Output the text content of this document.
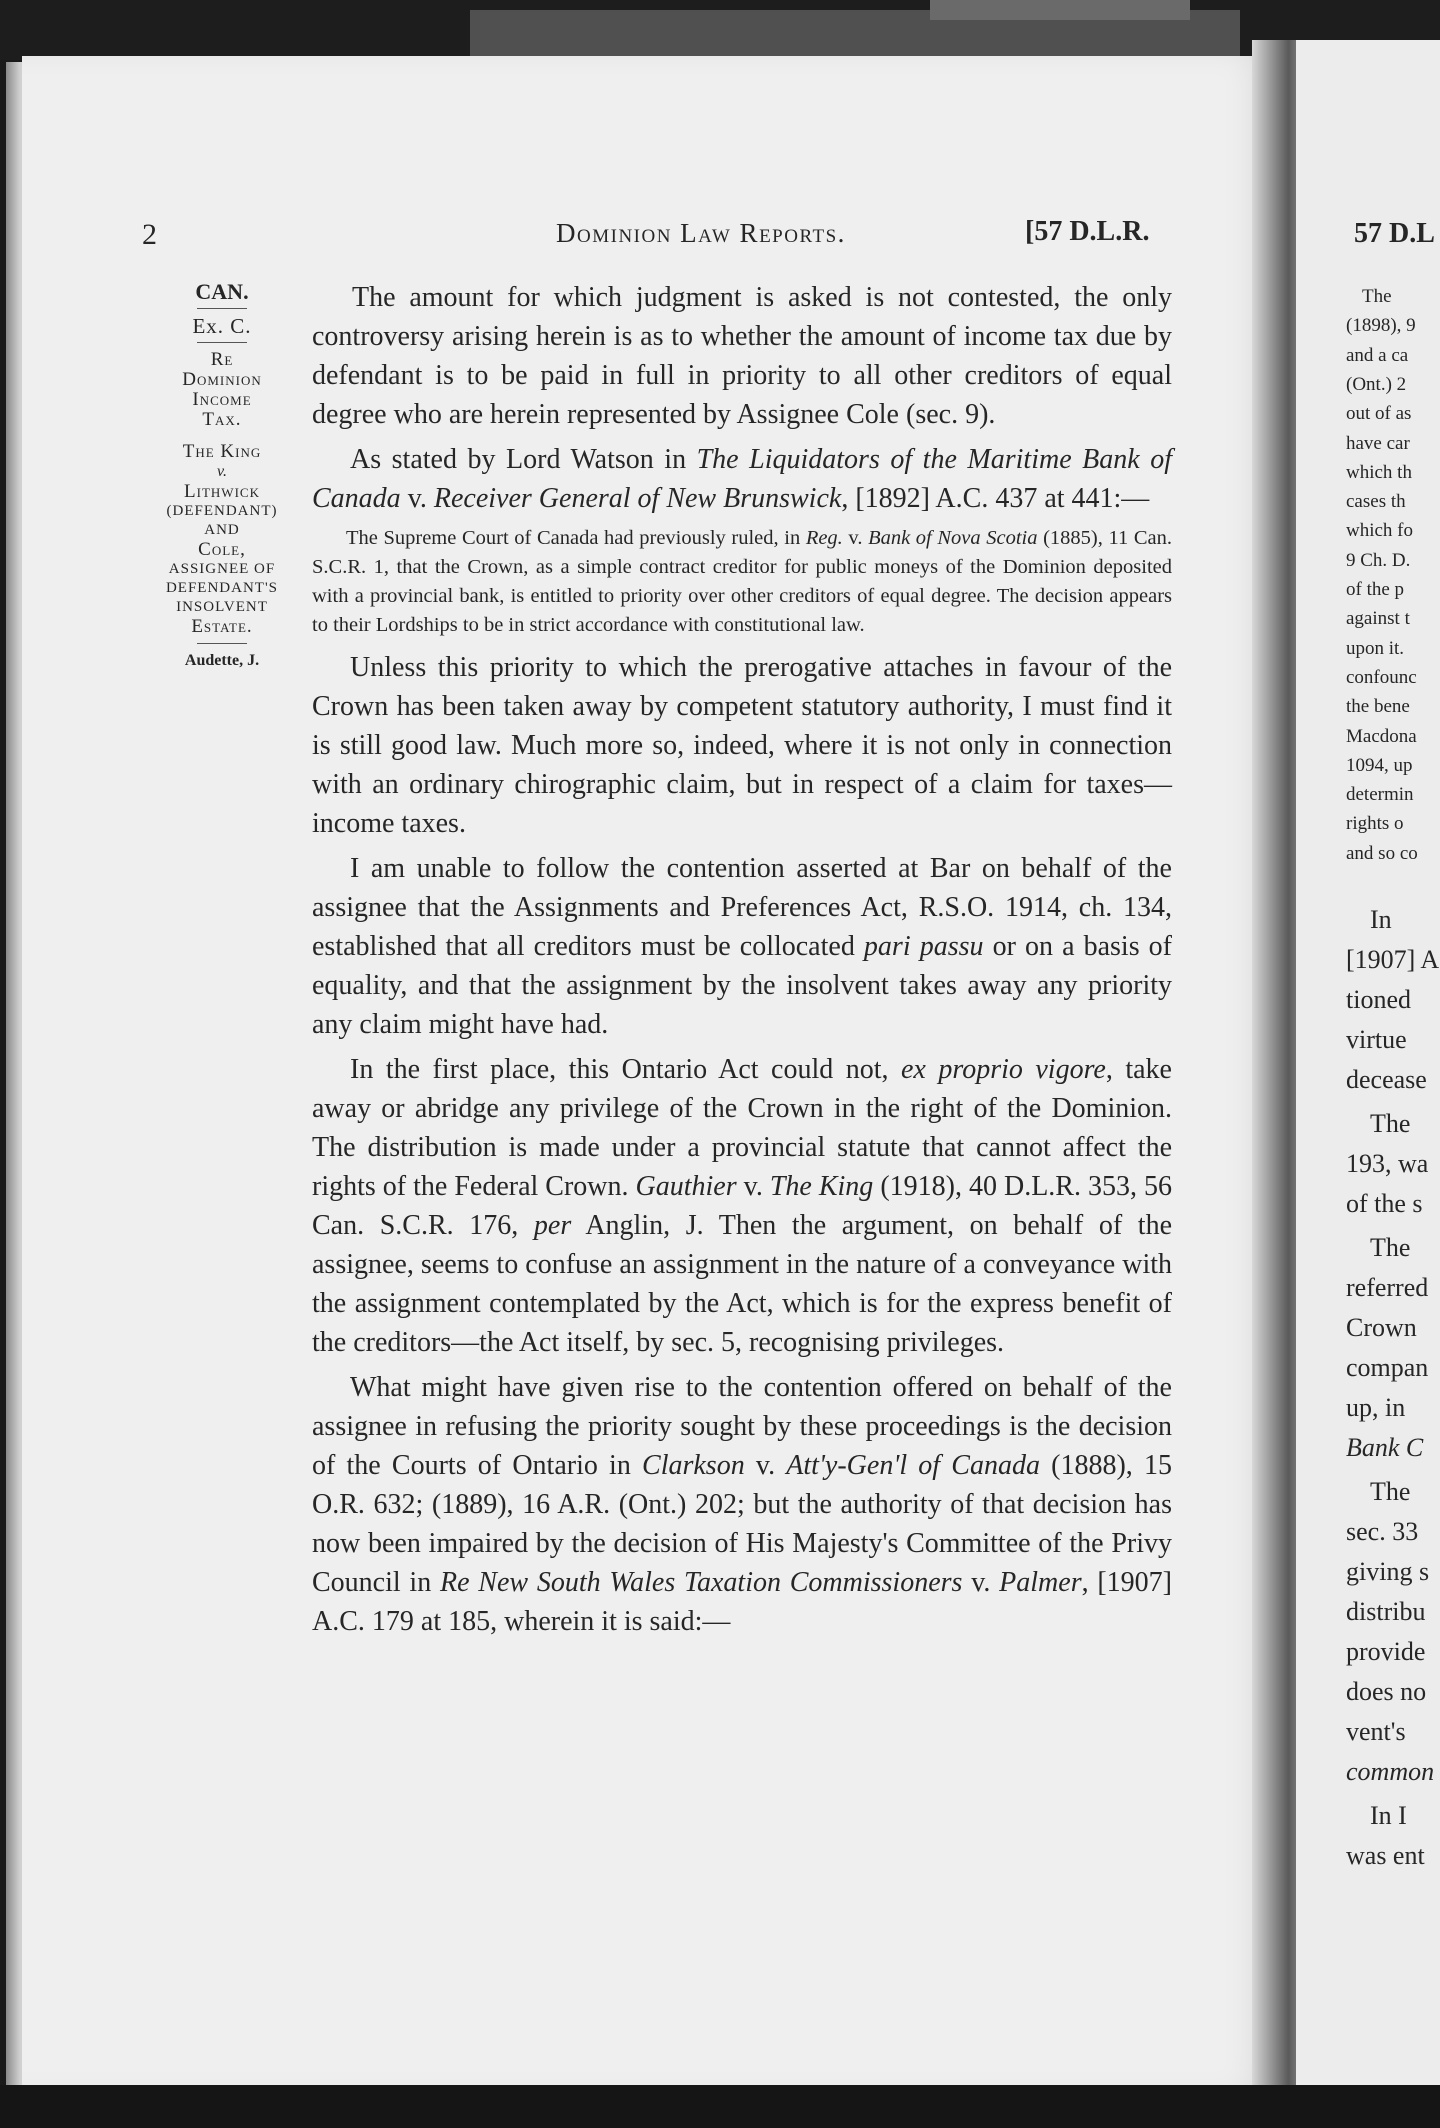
2	Dominion Law Reports.	[57 D.L.R.
CAN.
Ex. C.
Re
Dominion
Income
Tax.
The King
v.
Lithwick
(DEFENDANT)
AND
Cole,
ASSIGNEE OF
DEFENDANT'S
INSOLVENT
Estate.
Audette, J.

The amount for which judgment is asked is not contested, the only controversy arising herein is as to whether the amount of income tax due by defendant is to be paid in full in priority to all other creditors of equal degree who are herein represented by Assignee Cole (sec. 9).

As stated by Lord Watson in The Liquidators of the Maritime Bank of Canada v. Receiver General of New Brunswick, [1892] A.C. 437 at 441:—

The Supreme Court of Canada had previously ruled, in Reg. v. Bank of Nova Scotia (1885), 11 Can. S.C.R. 1, that the Crown, as a simple contract creditor for public moneys of the Dominion deposited with a provincial bank, is entitled to priority over other creditors of equal degree. The decision appears to their Lordships to be in strict accordance with constitutional law.

Unless this priority to which the prerogative attaches in favour of the Crown has been taken away by competent statutory authority, I must find it is still good law. Much more so, indeed, where it is not only in connection with an ordinary chirographic claim, but in respect of a claim for taxes—income taxes.

I am unable to follow the contention asserted at Bar on behalf of the assignee that the Assignments and Preferences Act, R.S.O. 1914, ch. 134, established that all creditors must be collocated pari passu or on a basis of equality, and that the assignment by the insolvent takes away any priority any claim might have had.

In the first place, this Ontario Act could not, ex proprio vigore, take away or abridge any privilege of the Crown in the right of the Dominion. The distribution is made under a provincial statute that cannot affect the rights of the Federal Crown. Gauthier v. The King (1918), 40 D.L.R. 353, 56 Can. S.C.R. 176, per Anglin, J. Then the argument, on behalf of the assignee, seems to confuse an assignment in the nature of a conveyance with the assignment contemplated by the Act, which is for the express benefit of the creditors—the Act itself, by sec. 5, recognising privileges.

What might have given rise to the contention offered on behalf of the assignee in refusing the priority sought by these proceedings is the decision of the Courts of Ontario in Clarkson v. Att'y-Gen'l of Canada (1888), 15 O.R. 632; (1889), 16 A.R. (Ont.) 202; but the authority of that decision has now been impaired by the decision of His Majesty's Committee of the Privy Council in Re New South Wales Taxation Commissioners v. Palmer, [1907] A.C. 179 at 185, wherein it is said:—

57 D.L
The
(1898), 9
and a ca
(Ont.) 2
out of as
have car
which th
cases th
which fo
9 Ch. D.
of the p
against t
upon it.
confounc
the bene
Macdona
1094, up
determin
rights o
and so co
In
[1907] A
tioned
virtue
decease
The
193, wa
of the s
The
referred
Crown
compan
up, in
Bank C
The
sec. 33
giving s
distribu
provide
does no
vent's
common
In I
was ent
